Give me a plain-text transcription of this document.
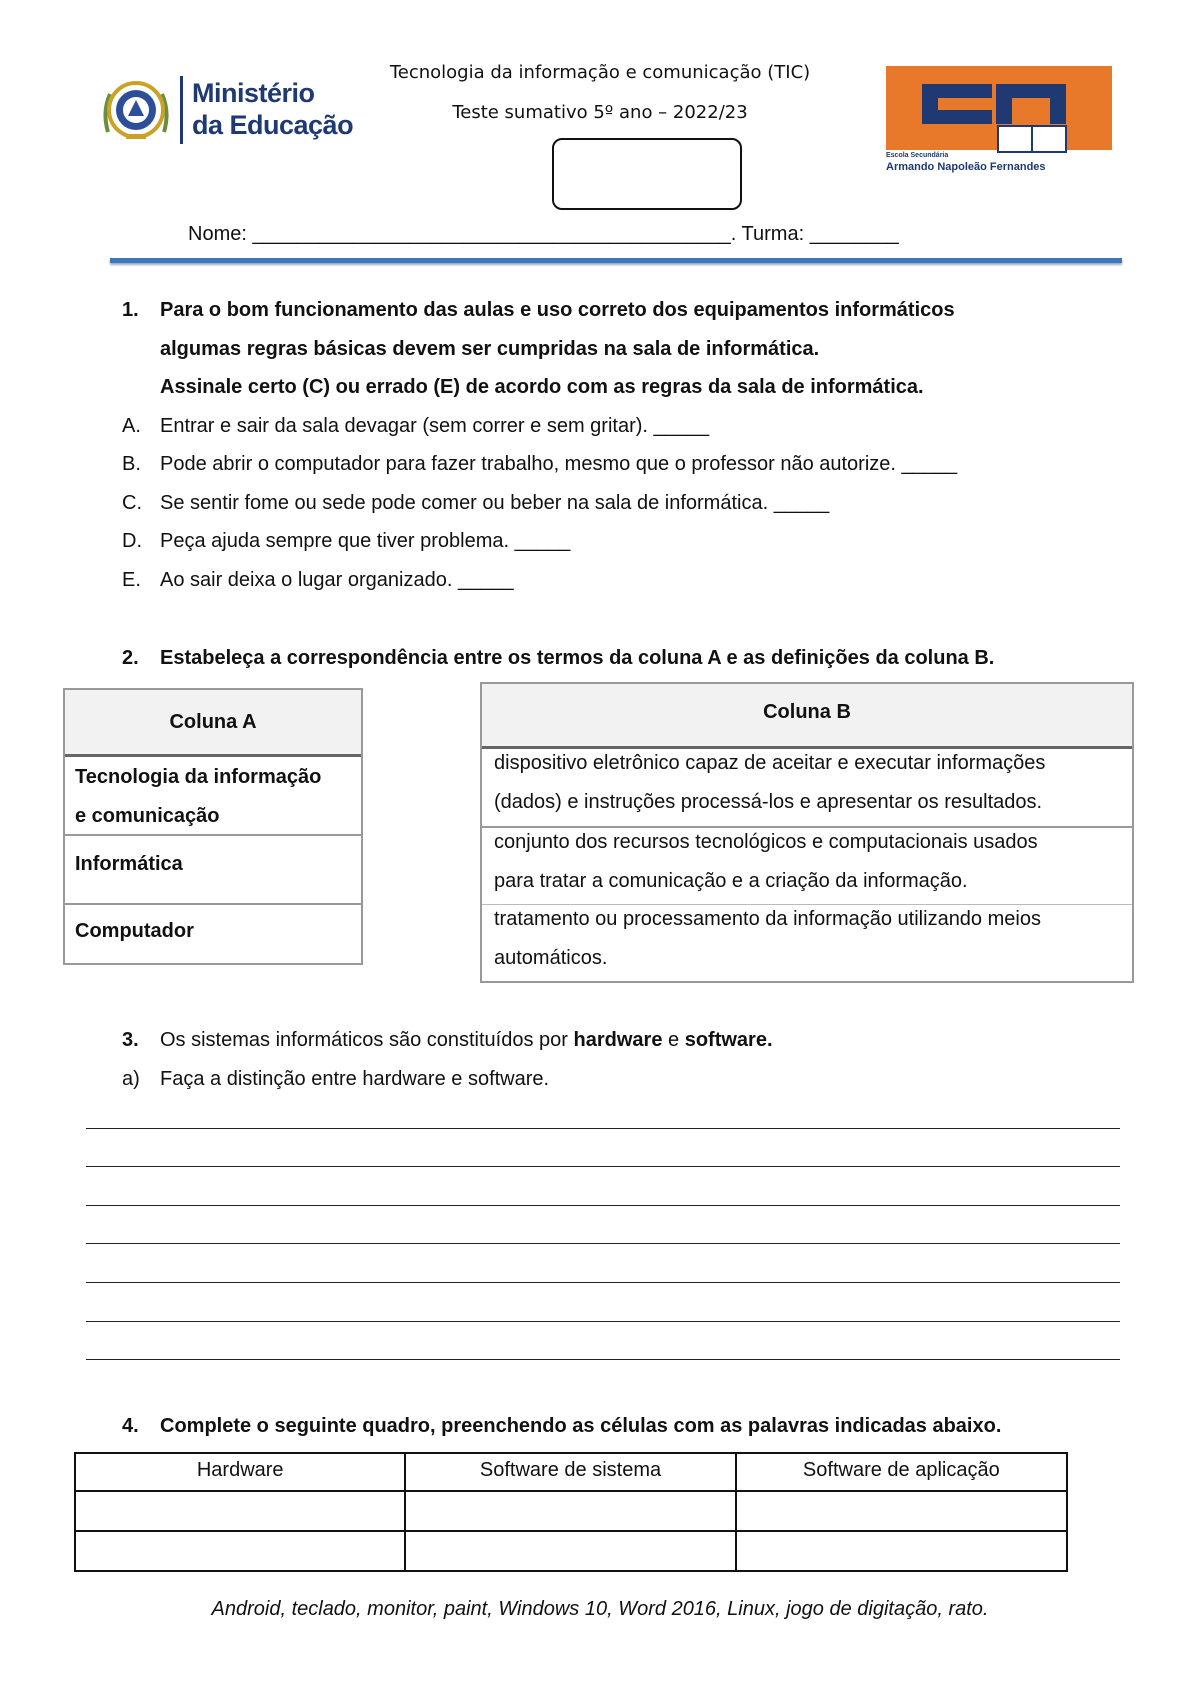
Ministério
da Educação
Tecnologia da informação e comunicação (TIC)
Teste sumativo 5º ano – 2022/23
Escola Secundária
Armando Napoleão Fernandes
Nome: ___________________________________________. Turma: ________
1. Para o bom funcionamento das aulas e uso correto dos equipamentos informáticos
algumas regras básicas devem ser cumpridas na sala de informática.
Assinale certo (C) ou errado (E) de acordo com as regras da sala de informática.
A. Entrar e sair da sala devagar (sem correr e sem gritar). _____
B. Pode abrir o computador para fazer trabalho, mesmo que o professor não autorize. _____
C. Se sentir fome ou sede pode comer ou beber na sala de informática. _____
D. Peça ajuda sempre que tiver problema. _____
E. Ao sair deixa o lugar organizado. _____
2. Estabeleça a correspondência entre os termos da coluna A e as definições da coluna B.
Coluna A
Tecnologia da informação
e comunicação
Informática
Computador
Coluna B
dispositivo eletrônico capaz de aceitar e executar informações
(dados) e instruções processá-los e apresentar os resultados.
conjunto dos recursos tecnológicos e computacionais usados
para tratar a comunicação e a criação da informação.
tratamento ou processamento da informação utilizando meios
automáticos.
3. Os sistemas informáticos são constituídos por hardware e software.
a) Faça a distinção entre hardware e software.
4. Complete o seguinte quadro, preenchendo as células com as palavras indicadas abaixo.
Hardware	Software de sistema	Software de aplicação

Android, teclado, monitor, paint, Windows 10, Word 2016, Linux, jogo de digitação, rato.
